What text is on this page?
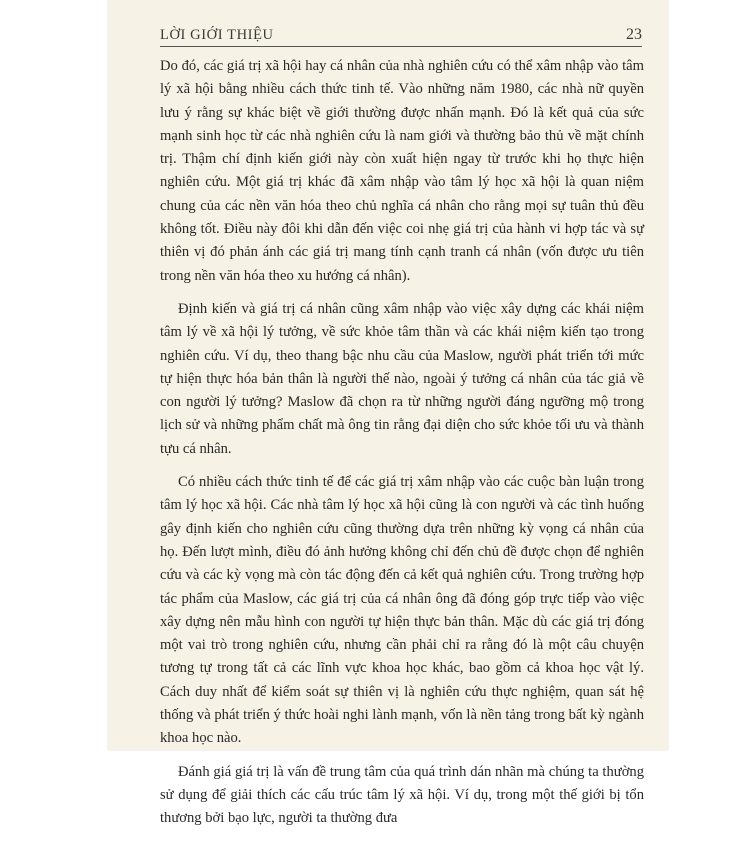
LỜI GIỚI THIỆU	23

Do đó, các giá trị xã hội hay cá nhân của nhà nghiên cứu có thể xâm nhập vào tâm lý xã hội bằng nhiều cách thức tinh tế. Vào những năm 1980, các nhà nữ quyền lưu ý rằng sự khác biệt về giới thường được nhấn mạnh. Đó là kết quả của sức mạnh sinh học từ các nhà nghiên cứu là nam giới và thường bảo thủ về mặt chính trị. Thậm chí định kiến giới này còn xuất hiện ngay từ trước khi họ thực hiện nghiên cứu. Một giá trị khác đã xâm nhập vào tâm lý học xã hội là quan niệm chung của các nền văn hóa theo chủ nghĩa cá nhân cho rằng mọi sự tuân thủ đều không tốt. Điều này đôi khi dẫn đến việc coi nhẹ giá trị của hành vi hợp tác và sự thiên vị đó phản ánh các giá trị mang tính cạnh tranh cá nhân (vốn được ưu tiên trong nền văn hóa theo xu hướng cá nhân).

Định kiến và giá trị cá nhân cũng xâm nhập vào việc xây dựng các khái niệm tâm lý về xã hội lý tưởng, về sức khỏe tâm thần và các khái niệm kiến tạo trong nghiên cứu. Ví dụ, theo thang bậc nhu cầu của Maslow, người phát triển tới mức tự hiện thực hóa bản thân là người thế nào, ngoài ý tưởng cá nhân của tác giả về con người lý tưởng? Maslow đã chọn ra từ những người đáng ngưỡng mộ trong lịch sử và những phẩm chất mà ông tin rằng đại diện cho sức khỏe tối ưu và thành tựu cá nhân.

Có nhiều cách thức tinh tế để các giá trị xâm nhập vào các cuộc bàn luận trong tâm lý học xã hội. Các nhà tâm lý học xã hội cũng là con người và các tình huống gây định kiến cho nghiên cứu cũng thường dựa trên những kỳ vọng cá nhân của họ. Đến lượt mình, điều đó ảnh hưởng không chỉ đến chủ đề được chọn để nghiên cứu và các kỳ vọng mà còn tác động đến cả kết quả nghiên cứu. Trong trường hợp tác phẩm của Maslow, các giá trị của cá nhân ông đã đóng góp trực tiếp vào việc xây dựng nên mẫu hình con người tự hiện thực bản thân. Mặc dù các giá trị đóng một vai trò trong nghiên cứu, nhưng cần phải chỉ ra rằng đó là một câu chuyện tương tự trong tất cả các lĩnh vực khoa học khác, bao gồm cả khoa học vật lý. Cách duy nhất để kiểm soát sự thiên vị là nghiên cứu thực nghiệm, quan sát hệ thống và phát triển ý thức hoài nghi lành mạnh, vốn là nền tảng trong bất kỳ ngành khoa học nào.

Đánh giá giá trị là vấn đề trung tâm của quá trình dán nhãn mà chúng ta thường sử dụng để giải thích các cấu trúc tâm lý xã hội. Ví dụ, trong một thế giới bị tổn thương bởi bạo lực, người ta thường đưa
